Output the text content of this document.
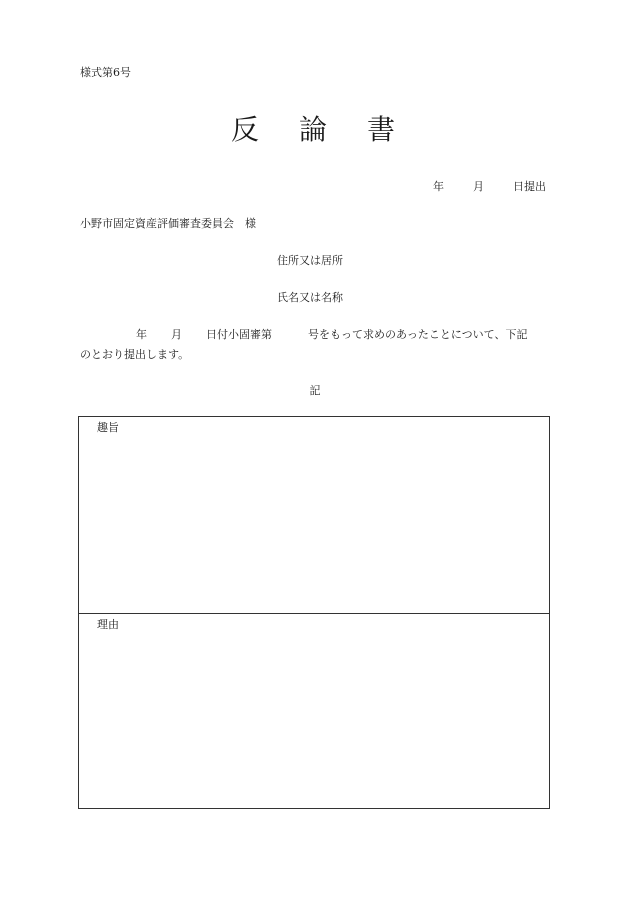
様式第6号
反 論 書
年	月	日提出
小野市固定資産評価審査委員会　様
住所又は居所
氏名又は名称
年 月 日付小固審第	号をもって求めのあったことについて、下記
のとおり提出します。
記
趣旨
理由
